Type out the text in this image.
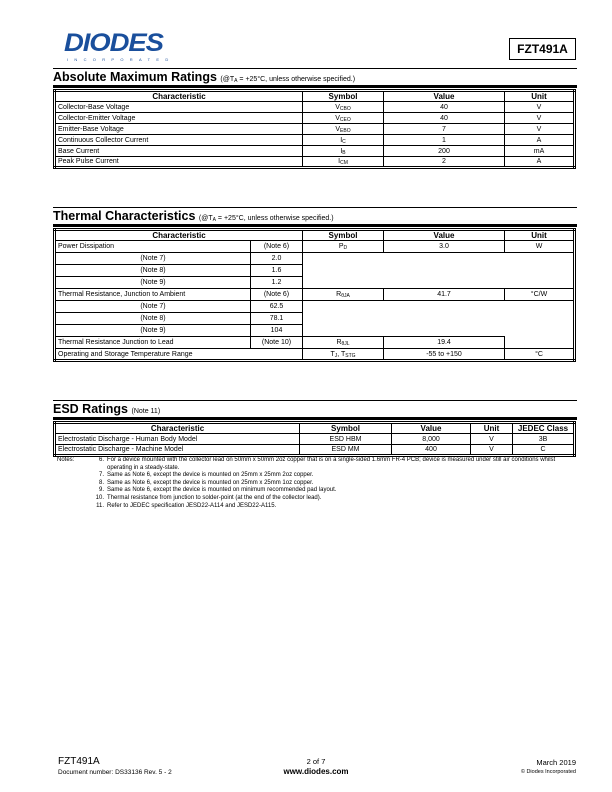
DIODES
INCORPORATED
FZT491A
Absolute Maximum Ratings ($@T_A = +25^\circ C$, unless otherwise specified.)
Characteristic	Symbol	Value	Unit
Collector-Base Voltage	$V_{CBO}$	40	V
Collector-Emitter Voltage	$V_{CEO}$	40	V
Emitter-Base Voltage	$V_{EBO}$	7	V
Continuous Collector Current	$I_C$	1	A
Base Current	$I_B$	200	mA
Peak Pulse Current	$I_{CM}$	2	A
Thermal Characteristics ($@T_A = +25^\circ C$, unless otherwise specified.)
Characteristic		Symbol	Value	Unit
Power Dissipation	(Note 6)	$P_D$	3.0	W
(Note 7)	2.0			
(Note 8)	1.6			
(Note 9)	1.2			
Thermal Resistance, Junction to Ambient	(Note 6)	$R_{\theta JA}$	41.7	°C/W
(Note 7)	62.5			
(Note 8)	78.1			
(Note 9)	104			
Thermal Resistance Junction to Lead	(Note 10)	$R_{\theta JL}$	19.4	
Operating and Storage Temperature Range		$T_J$, $T_{STG}$	-55 to +150	°C
ESD Ratings (Note 11)
Characteristic	Symbol	Value	Unit	JEDEC Class
Electrostatic Discharge - Human Body Model	ESD HBM	8,000	V	3B
Electrostatic Discharge - Machine Model	ESD MM	400	V	C
Notes:	6. For a device mounted with the collector lead on 50mm x 50mm 2oz copper that is on a single-sided 1.6mm FR-4 PCB; device is measured under still air conditions whilst operating in a steady-state.
7. Same as Note 6, except the device is mounted on 25mm x 25mm 2oz copper.
8. Same as Note 6, except the device is mounted on 25mm x 25mm 1oz copper.
9. Same as Note 6, except the device is mounted on minimum recommended pad layout.
10. Thermal resistance from junction to solder-point (at the end of the collector lead).
11. Refer to JEDEC specification JESD22-A114 and JESD22-A115.
FZT491A
Document number: DS33136 Rev. 5 - 2
2 of 7
www.diodes.com
March 2019
© Diodes Incorporated
